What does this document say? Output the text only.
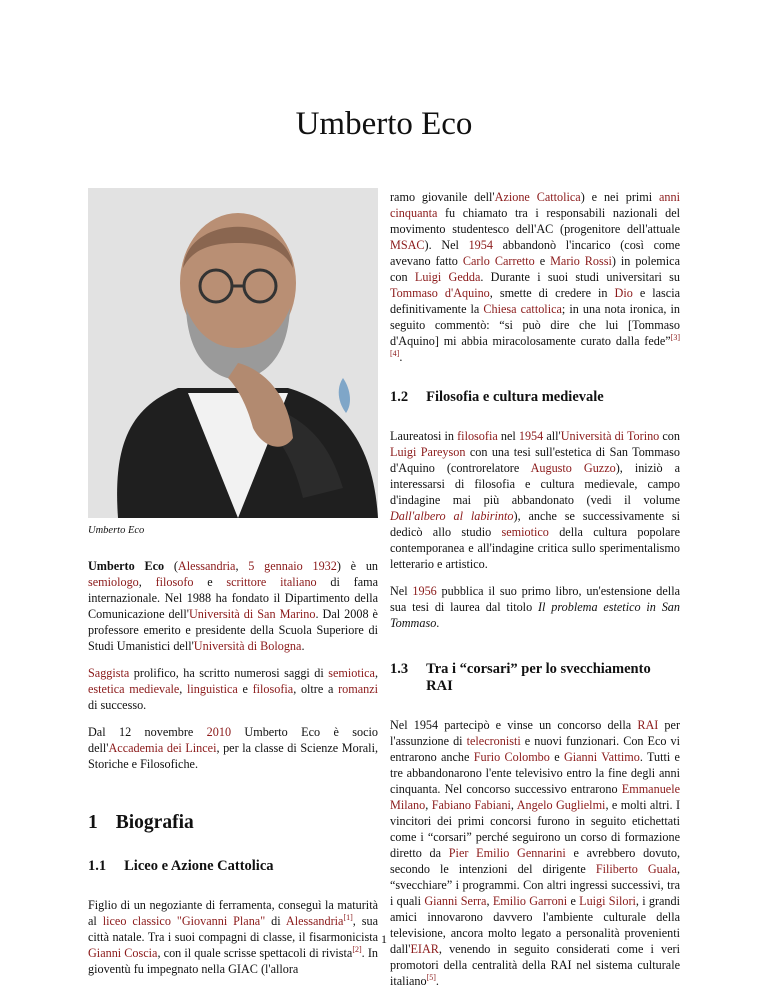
Umberto Eco
Umberto Eco

Umberto Eco (Alessandria, 5 gennaio 1932) è un semiologo, filosofo e scrittore italiano di fama internazionale. Nel 1988 ha fondato il Dipartimento della Comunicazione dell'Università di San Marino. Dal 2008 è professore emerito e presidente della Scuola Superiore di Studi Umanistici dell'Università di Bologna.

Saggista prolifico, ha scritto numerosi saggi di semiotica, estetica medievale, linguistica e filosofia, oltre a romanzi di successo.

Dal 12 novembre 2010 Umberto Eco è socio dell'Accademia dei Lincei, per la classe di Scienze Morali, Storiche e Filosofiche.

1 Biografia
1.1 Liceo e Azione Cattolica

Figlio di un negoziante di ferramenta, conseguì la maturità al liceo classico "Giovanni Plana" di Alessandria[1], sua città natale. Tra i suoi compagni di classe, il fisarmonicista Gianni Coscia, con il quale scrisse spettacoli di rivista[2]. In gioventù fu impegnato nella GIAC (l'allora

ramo giovanile dell'Azione Cattolica) e nei primi anni cinquanta fu chiamato tra i responsabili nazionali del movimento studentesco dell'AC (progenitore dell'attuale MSAC). Nel 1954 abbandonò l'incarico (così come avevano fatto Carlo Carretto e Mario Rossi) in polemica con Luigi Gedda. Durante i suoi studi universitari su Tommaso d'Aquino, smette di credere in Dio e lascia definitivamente la Chiesa cattolica; in una nota ironica, in seguito commentò: “si può dire che lui [Tommaso d'Aquino] mi abbia miracolosamente curato dalla fede”[3][4].

1.2 Filosofia e cultura medievale

Laureatosi in filosofia nel 1954 all'Università di Torino con Luigi Pareyson con una tesi sull'estetica di San Tommaso d'Aquino (controrelatore Augusto Guzzo), iniziò a interessarsi di filosofia e cultura medievale, campo d'indagine mai più abbandonato (vedi il volume Dall'albero al labirinto), anche se successivamente si dedicò allo studio semiotico della cultura popolare contemporanea e all'indagine critica sullo sperimentalismo letterario e artistico.

Nel 1956 pubblica il suo primo libro, un'estensione della sua tesi di laurea dal titolo Il problema estetico in San Tommaso.

1.3 Tra i “corsari” per lo svecchiamento RAI

Nel 1954 partecipò e vinse un concorso della RAI per l'assunzione di telecronisti e nuovi funzionari. Con Eco vi entrarono anche Furio Colombo e Gianni Vattimo. Tutti e tre abbandonarono l'ente televisivo entro la fine degli anni cinquanta. Nel concorso successivo entrarono Emmanuele Milano, Fabiano Fabiani, Angelo Guglielmi, e molti altri. I vincitori dei primi concorsi furono in seguito etichettati come i “corsari” perché seguirono un corso di formazione diretto da Pier Emilio Gennarini e avrebbero dovuto, secondo le intenzioni del dirigente Filiberto Guala, “svecchiare” i programmi. Con altri ingressi successivi, tra i quali Gianni Serra, Emilio Garroni e Luigi Silori, i grandi amici innovarono davvero l'ambiente culturale della televisione, ancora molto legato a personalità provenienti dall'EIAR, venendo in seguito considerati come i veri promotori della centralità della RAI nel sistema culturale italiano[5].

1
